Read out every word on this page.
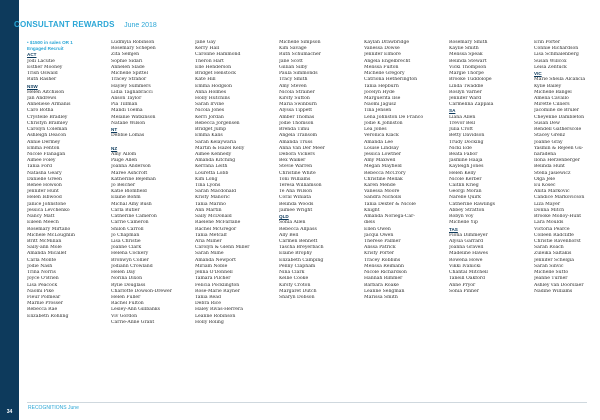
34
CONSULTANT REWARDS June 2018
• $1500 in sales OR 1
Engaged Recruit
ACT
Jodi Lacutie
Esther Mooney
Trish Oswald
Ruth Rasher
NSW
Helen Aitchison
Jan Andrews
Anneliese Armanis
Caro Botha
Crystelle Bradley
Christyn Bramley
Carolyn Coleman
Ashleigh Deacon
Annie Dermey
Emma Fenton
Nicole Flanagan
Aimee Foley
Tania Ford
Natasha Geary
Danielle Green
Renee Howson
Jennifer Hunt
Helen Isbwood
Janice Johnstone
Jessica Levchenko
Nancy Matt
Eileen Meech
Rosemary Mirtano
Michele McLoughlin
Britt McMillan
Sally-ann Mole
Amanda Micallef
Carla Monte
Jodie Nash
Trina Norris
Joyce O'Brien
Lisa Peacock
Naomi Pike
Fleur Polmear
Marnie Prosser
Rebecca Rae
Elizabeth Rohling
Ludmyla Robinson
Rosemary Schepen
Zita Semjen
Sophie Sidari
Anneleh Slade
Michelle Spittel
Tracey Strahor
Hayley Summers
Lidia Tagliabracci
Alison Taylor
Pia Tillman
Mandi Toema
Melanie Watkinson
Natalie Wilson
NT
Debbie Lomas
NZ
Amy Allom
Paige Allen
Joanna Anderson
Maree Ashcroft
Katherine Bejeman
Jo Belcher
Katie Blomfield
Elaine Bohm
Michal Amy Bush
Carla Butler
Catherine Cameron
Carrie Cameron
Shiloh Carroll
Jo Chapman
Lisa Christie
Joanne Clark
Helena Cockery
Bronwyn Collier
Jodiann Crowland
Helen Day
Norina Dixon
Rylie Douglass
Charlotte Dowson-Drewer
Helen Fuller
Rachel Fulton
Lesley-Ann Gillbanks
Viv Gordon
Carrie-Anne Grant
Jane Gay
Kerry Hall
Caroline Hammond
Theron Hart
Elle Henderson
Bridget Henstock
Kate Hill
Emma Hodgson
Anna Holmes
Holly Hutchins
Sarah Irvine
Nicola Jones
Kerri Jordan
Rebecca Jorgensen
Bridget Jump
Emma Kalis
Sarah Kelaywaria
Martin & Hazel Kelly
Aimee Kennedy
Amanda Kitching
Kerrana Leith
Louretta Lobb
Kim Long
Tina Lyons
Sarah Macdonald
Kristy Manoric
Tania Marino
Ann Martin
Sally McDonald
Raelene McFarlane
Rachel McGregor
Tania Metcalf
Aria Milner
Carolyn & Glenn Miller
Sarah Milne
Amanda Newport
Miriam Noble
Jenna O'Donnell
Tamara Pilcher
Felicia Pocklington
Rose-Marie Rayner
Tania Read
Debra Rice
Haley Rivas-Herrera
Leanne Robinson
Holly Roling
Michelle Simpson
Kim Savage
Ruth Schumacher
Jane Scott
Gillian Silby
Paula Simmonds
Tracy Smith
Amy Steven
Nicola Strainer
Kirsty Sutton
Maria Swinburn
Alyssa Tippett
Amber Thomas
Jodie Thomson
Brenda Timu
Angela Transom
Amanda Truss
Anna Van Der Meer
Debora Vickers
Bex Walker
Stevie Warren
Christine White
Toni Williams
Teresa Williamson
Te Ana Wilson
Coral Winiata
Belinda Woods
Jaimee Wright
QLD
Sonia Allen
Rebecca Allpass
Ally Bell
Carmen Bennett
Tascha Breyerbach
Elaine Brophy
Elizabeth Camping
Penny Clapham
Nina Clark
Kellie Cooke
Kirsty Croton
Margaret Dutch
Sharyn Dobson
Kaylah Drawbridge
Vanessa Dowse
Jennifer Elmore
Angela Engelbrecht
Melissa Fulton
Michelle Gregory
Catriona Hetherington
Tania Hepburn
Jocelyn Hyde
Marguerita Ilse
Naomi Jagusz
Tina Jensen
Lena Johnston De Franco
Jodie K Johnston
Lea Jones
Veronica Klack
Amanda Lee
Louise Lindsay
Jessica Lowther
Amy Maxwell
Megan Mayfield
Rebecca McCrory
Christine Mellak
Karen Mende
Vanessa Moore
Sandra Nicholls
Tania Dexter & Nicole
Knight
Amanda Noriega-Car-
diels
Ellen Owen
Jacqui Owen
Therese Palmer
Alissa Patrick
Kristy Porter
Tracey Robbins
Melissa Reimann
Nicole Richardson
Hannah Rimmer
Barbara Roake
Leanne Seligman
Marissa Smith
Rosemary Smith
Kaylie Smith
Melissa Speak
Belinda Stewart
Vicki Thompson
Margie Thorpe
Brooke Tuddolope
Linda Twaddle
Roslyn Varner
Jennifer Ward
Carmelina Zappala
SA
Liana Allen
Trevor Bell
Julia Croft
Betty Davidson
Trudy Docking
Nicki Ede
Beata Fabor
Jasmine Haaja
Kayleigh Jones
Helen Kelly
Nicole Kerber
Caitlin Krieg
Georgi Moran
Narelle Quirk
Catherine Rawlings
Abbey Stratton
Robyn Voy
Michelle Yip
TAS
Fiona Dimmeyer
Alysia Garrard
Joanna Gravell
Madeline Hawes
Rowena Howe
Vikki Ivanicki
Chantal Mitchell
Taneill Oakford
Anne Pryor
Sonia Pinner
Erin Porter
Connie Richardson
Lisa Schmalenberg
Susan Willcox
Leisa Zentuck
VIC
Marie Sheila Alcancia
Kylie Bailey
Michelle Bangel
Amelia Cavallo
Mirette Cilliers
Jacomine de Bruler
Cheyenne Dambleton
Susan Dew
Rendell Gatherscole
Stacey Grenz
Joanne Gray
Yasmin & Rejeen Gu-
naradena
Ilona Herzenberger
Belinda Hunt
Stella Jasiewicz
Olga Jele
Eu Kosec
Anita Markovic
Candice Markovicson
Liza Mayer
Donna Mitch
Brooke Molloy-Hunt
Lara Moulds
Victoria Pearce
Colleen Radcliffe
Christie Ravenhorst
Sarah Roach
Zuleika Saltakis
Jennifer Schelgia
Sarah Sinvic
Michelle Sutto
Jeanne Turner
Ashley van Doorslaer
Nadine Williams
RECOGNITIONS June
